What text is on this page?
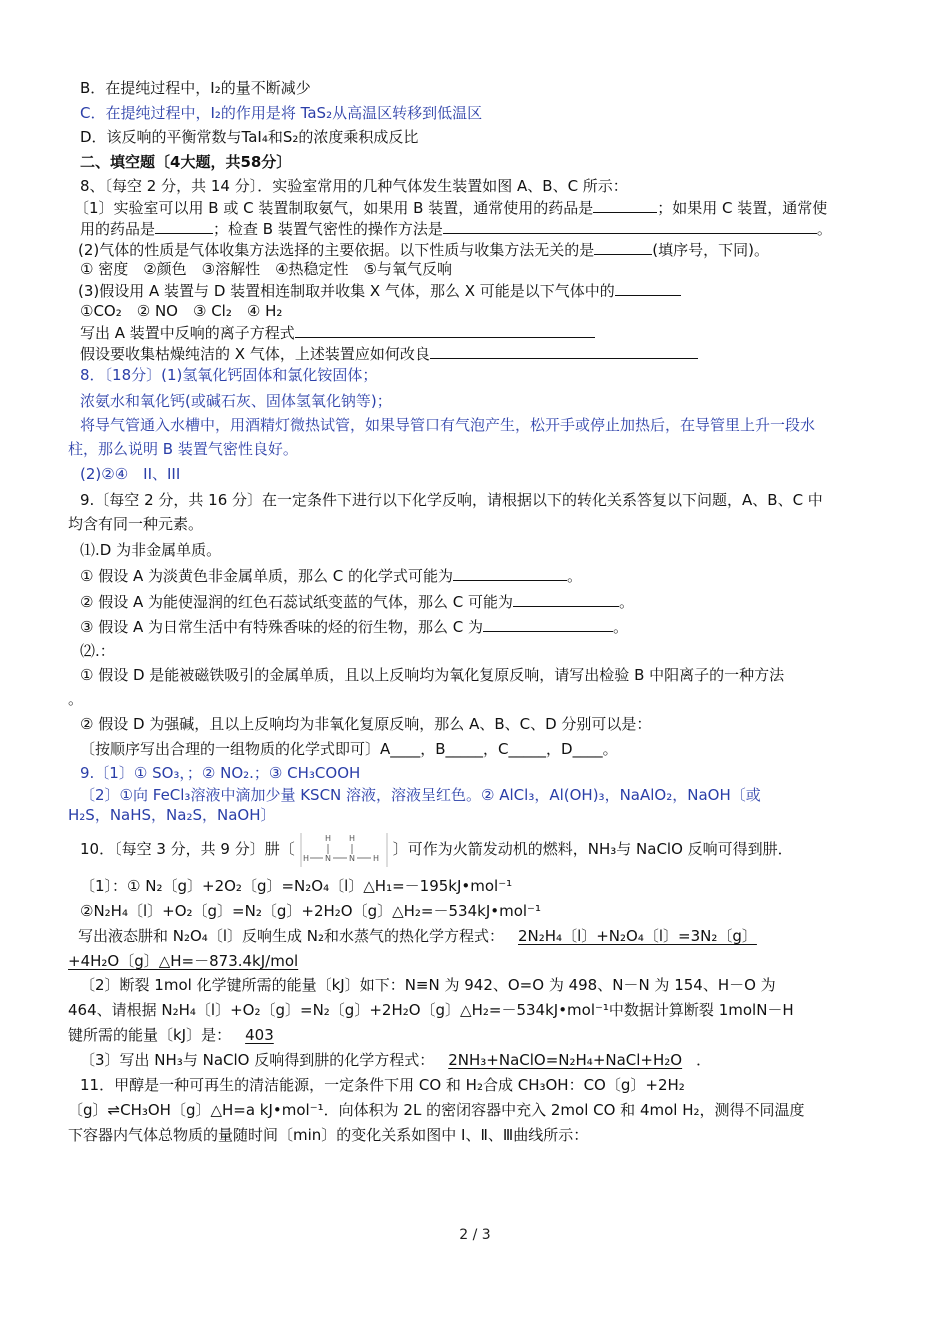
B．在提纯过程中，I₂的量不断减少
C．在提纯过程中，I₂的作用是将 TaS₂从高温区转移到低温区
D．该反响的平衡常数与TaI₄和S₂的浓度乘积成反比
二、填空题〔4大题，共58分〕
8、〔每空 2 分，共 14 分〕．实验室常用的几种气体发生装置如图 A、B、C 所示：
〔1〕实验室可以用 B 或 C 装置制取氨气，如果用 B 装置，通常使用的药品是	；如果用 C 装置，通常使
用的药品是	；检查 B 装置气密性的操作方法是	。
(2)气体的性质是气体收集方法选择的主要依据。以下性质与收集方法无关的是	(填序号，下同)。
① 密度　②颜色　③溶解性　④热稳定性　⑤与氧气反响
(3)假设用 A 装置与 D 装置相连制取并收集 X 气体，那么 X 可能是以下气体中的
①CO₂　② NO　③ Cl₂　④ H₂
写出 A 装置中反响的离子方程式
假设要收集枯燥纯洁的 X 气体，上述装置应如何改良
8．〔18分〕(1)氢氧化钙固体和氯化铵固体；
浓氨水和氧化钙(或碱石灰、固体氢氧化钠等)；
将导气管通入水槽中，用酒精灯微热试管，如果导管口有气泡产生，松开手或停止加热后，在导管里上升一段水
柱，那么说明 B 装置气密性良好。
(2)②④　II、III
9.〔每空 2 分，共 16 分〕在一定条件下进行以下化学反响，请根据以下的转化关系答复以下问题，A、B、C 中
均含有同一种元素。
⑴.D 为非金属单质。
① 假设 A 为淡黄色非金属单质，那么 C 的化学式可能为	。
② 假设 A 为能使湿润的红色石蕊试纸变蓝的气体，那么 C 可能为	。
③ 假设 A 为日常生活中有特殊香味的烃的衍生物，那么 C 为	。
⑵.：
① 假设 D 是能被磁铁吸引的金属单质，且以上反响均为氧化复原反响，请写出检验 B 中阳离子的一种方法
。
② 假设 D 为强碱，且以上反响均为非氧化复原反响，那么 A、B、C、D 分别可以是：
〔按顺序写出合理的一组物质的化学式即可〕A____，B_____，C_____，D____。
9.〔1〕① SO₃，；② NO₂.；③ CH₃COOH
〔2〕①向 FeCl₃溶液中滴加少量 KSCN 溶液，溶液呈红色。② AlCl₃，Al(OH)₃，NaAlO₂，NaOH〔或
H₂S，NaHS，Na₂S，NaOH〕
10．〔每空 3 分，共 9 分〕肼〔
H H
H N N H 〕可作为火箭发动机的燃料，NH₃与 NaClO 反响可得到肼．
〔1〕：① N₂〔g〕+2O₂〔g〕=N₂O₄〔l〕△H₁=－195kJ•mol⁻¹
②N₂H₄〔l〕+O₂〔g〕=N₂〔g〕+2H₂O〔g〕△H₂=－534kJ•mol⁻¹
写出液态肼和 N₂O₄〔l〕反响生成 N₂和水蒸气的热化学方程式： 2N₂H₄〔l〕+N₂O₄〔l〕=3N₂〔g〕
+4H₂O〔g〕△H=－873.4kJ/mol
〔2〕断裂 1mol 化学键所需的能量〔kJ〕如下：N≡N 为 942、O=O 为 498、N－N 为 154、H－O 为
464、请根据 N₂H₄〔l〕+O₂〔g〕=N₂〔g〕+2H₂O〔g〕△H₂=－534kJ•mol⁻¹中数据计算断裂 1molN－H
键所需的能量〔kJ〕是： 403
〔3〕写出 NH₃与 NaClO 反响得到肼的化学方程式： 2NH₃+NaClO=N₂H₄+NaCl+H₂O ．
11．甲醇是一种可再生的清洁能源，一定条件下用 CO 和 H₂合成 CH₃OH：CO〔g〕+2H₂
〔g〕⇌CH₃OH〔g〕△H=a kJ•mol⁻¹．向体积为 2L 的密闭容器中充入 2mol CO 和 4mol H₂，测得不同温度
下容器内气体总物质的量随时间〔min〕的变化关系如图中 Ⅰ、Ⅱ、Ⅲ曲线所示：
2 / 3
